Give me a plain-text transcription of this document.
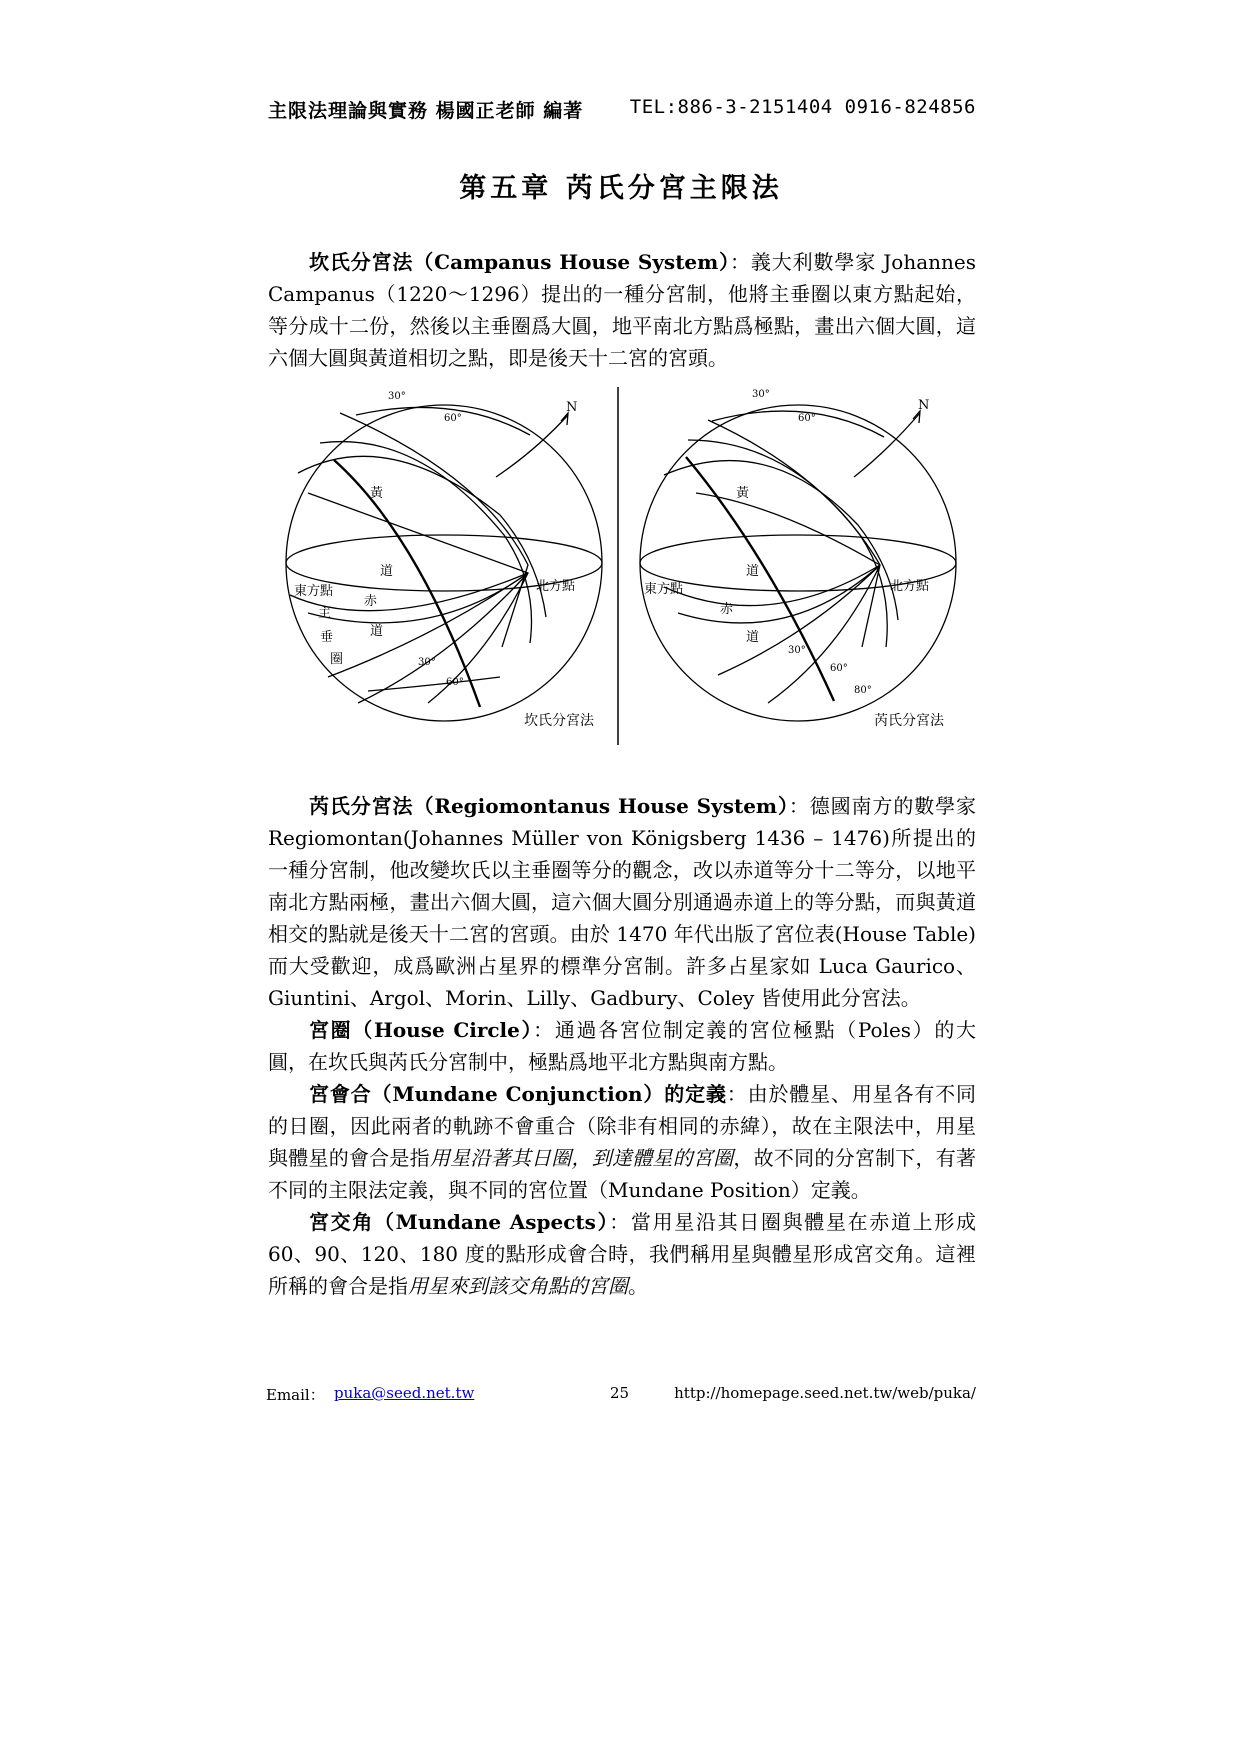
主限法理論與實務 楊國正老師 編著 TEL:886-3-2151404 0916-824856
第五章 芮氏分宮主限法

坎氏分宮法（Campanus House System）：義大利數學家 Johannes Campanus（1220～1296）提出的一種分宮制，他將主垂圈以東方點起始，等分成十二份，然後以主垂圈爲大圓，地平南北方點爲極點，畫出六個大圓，這六個大圓與黃道相切之點，即是後天十二宮的宮頭。

東方點	北方點
N
黃
道
赤
道
主
垂
圈
30°
60°
30°
60°
坎氏分宮法
東方點	北方點
N
黃
道
赤
道
30°
60°
30°
60°
80°
芮氏分宮法

芮氏分宮法（Regiomontanus House System）：德國南方的數學家 Regiomontan(Johannes Müller von Königsberg 1436 – 1476)所提出的一種分宮制，他改變坎氏以主垂圈等分的觀念，改以赤道等分十二等分，以地平南北方點兩極，畫出六個大圓，這六個大圓分別通過赤道上的等分點，而與黃道相交的點就是後天十二宮的宮頭。由於 1470 年代出版了宮位表(House Table)而大受歡迎，成爲歐洲占星界的標準分宮制。許多占星家如 Luca Gaurico、Giuntini、Argol、Morin、Lilly、Gadbury、Coley 皆使用此分宮法。

宮圈（House Circle）：通過各宮位制定義的宮位極點（Poles）的大圓，在坎氏與芮氏分宮制中，極點爲地平北方點與南方點。

宮會合（Mundane Conjunction）的定義：由於體星、用星各有不同的日圈，因此兩者的軌跡不會重合（除非有相同的赤緯），故在主限法中，用星與體星的會合是指用星沿著其日圈，到達體星的宮圈，故不同的分宮制下，有著不同的主限法定義，與不同的宮位置（Mundane Position）定義。

宮交角（Mundane Aspects）：當用星沿其日圈與體星在赤道上形成 60、90、120、180 度的點形成會合時，我們稱用星與體星形成宮交角。這裡所稱的會合是指用星來到該交角點的宮圈。

Email： puka@seed.net.tw	25	http://homepage.seed.net.tw/web/puka/
